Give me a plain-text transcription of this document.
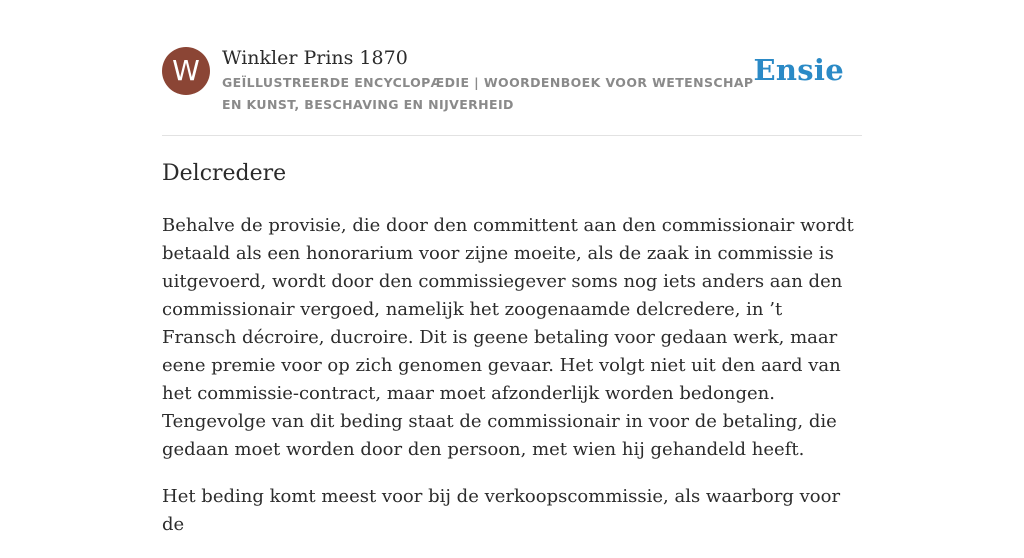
W	Winkler Prins 1870
GEÏLLUSTREERDE ENCYCLOPÆDIE | WOORDENBOEK VOOR WETENSCHAP EN KUNST, BESCHAVING EN NIJVERHEID
Ensie
Delcredere

Behalve de provisie, die door den committent aan den commissionair wordt betaald als een honorarium voor zijne moeite, als de zaak in commissie is uitgevoerd, wordt door den commissiegever soms nog iets anders aan den commissionair vergoed, namelijk het zoogenaamde delcredere, in ’t Fransch décroire, ducroire. Dit is geene betaling voor gedaan werk, maar eene premie voor op zich genomen gevaar. Het volgt niet uit den aard van het commissie-contract, maar moet afzonderlijk worden bedongen. Tengevolge van dit beding staat de commissionair in voor de betaling, die gedaan moet worden door den persoon, met wien hij gehandeld heeft.

Het beding komt meest voor bij de verkoopscommissie, als waarborg voor de
